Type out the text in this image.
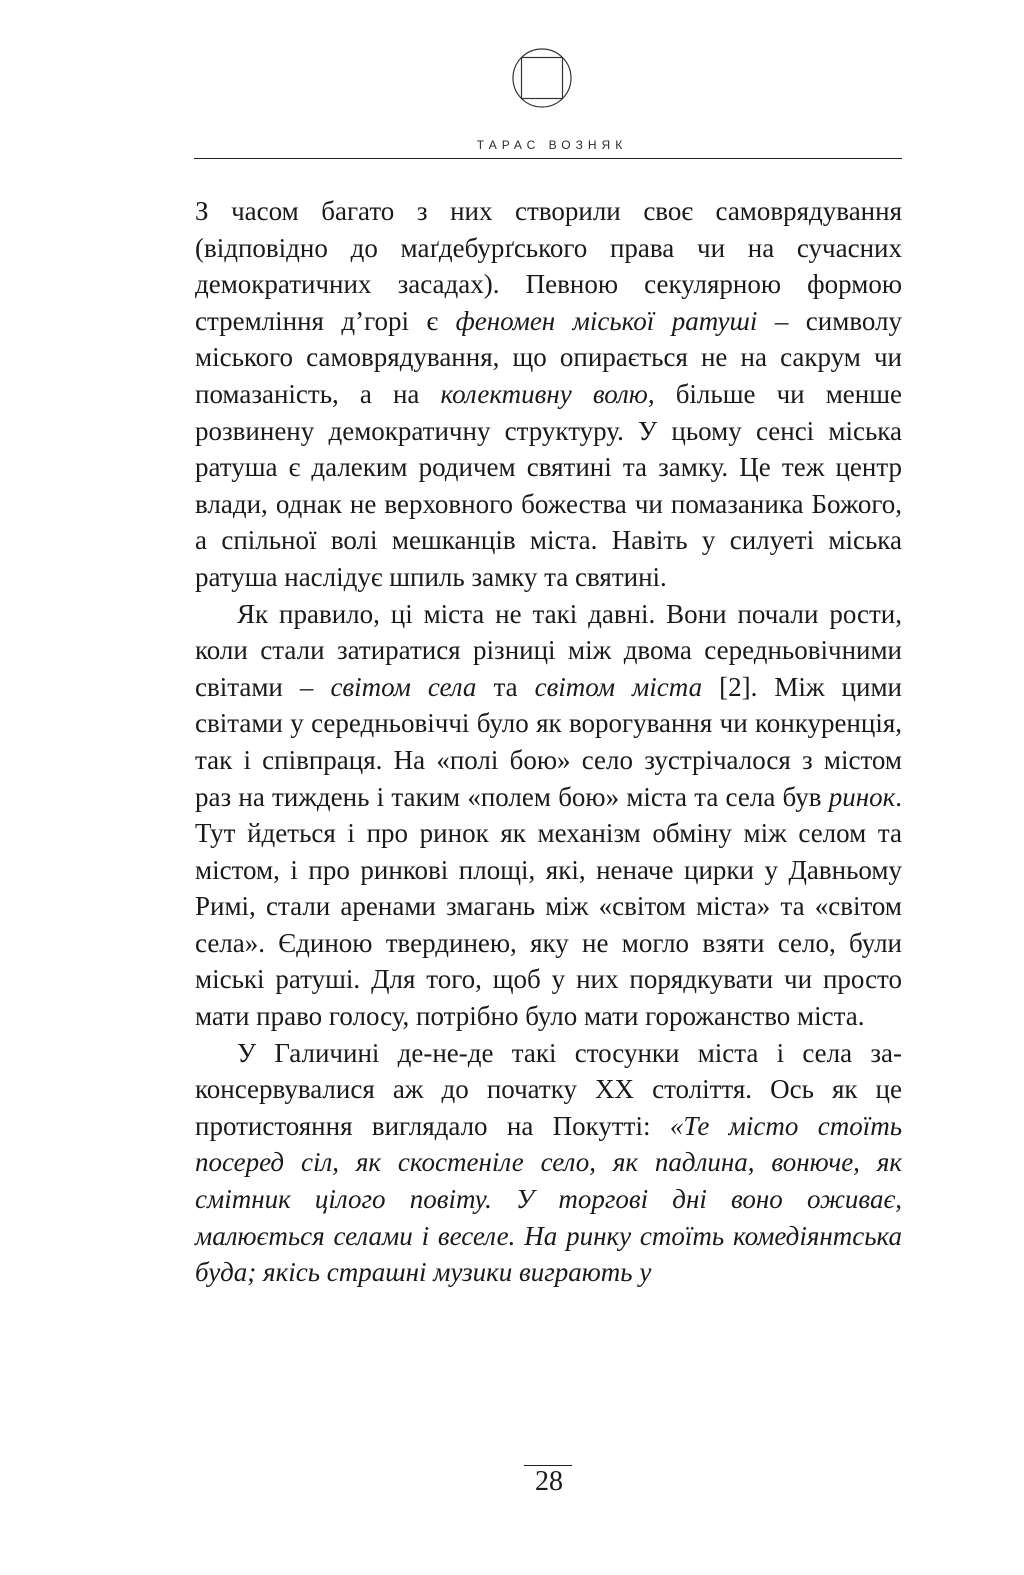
ТАРАС ВОЗНЯК

З часом багато з них створили своє самоврядування (відповідно до маґдебурґського права чи на сучасних демократичних засадах). Певною секулярною формою стремління д’горі є феномен міської ратуші – символу міського самоврядування, що опирається не на сакрум чи помазаність, а на колективну волю, більше чи менше розвинену демократичну структуру. У цьому сенсі міська ратуша є далеким родичем святині та замку. Це теж центр влади, однак не верховного божества чи помазаника Божого, а спільної волі мешканців міста. Навіть у силуеті міська ратуша наслідує шпиль замку та святині.

Як правило, ці міста не такі давні. Вони почали рости, коли стали затиратися різниці між двома середньовічними світами – світом села та світом міста [2]. Між цими світами у середньовіччі було як ворогування чи конкуренція, так і співпраця. На «полі бою» село зустрічалося з містом раз на тиждень і таким «полем бою» міста та села був ринок. Тут йдеться і про ринок як механізм обміну між селом та містом, і про ринкові площі, які, неначе цирки у Давньому Римі, стали аренами змагань між «світом міста» та «світом села». Єдиною твердинею, яку не могло взяти село, були міські ратуші. Для того, щоб у них порядкувати чи просто мати право голосу, потрібно було мати горожанство міста.

У Галичині де-не-де такі стосунки міста і села законсервувалися аж до початку XX століття. Ось як це протистояння виглядало на Покутті: «Те місто стоїть посеред сіл, як скостеніле село, як падлина, вонюче, як смітник цілого повіту. У торгові дні воно оживає, малюється селами і веселе. На ринку стоїть комедіянтська буда; якісь страшні музики виграють у

28
